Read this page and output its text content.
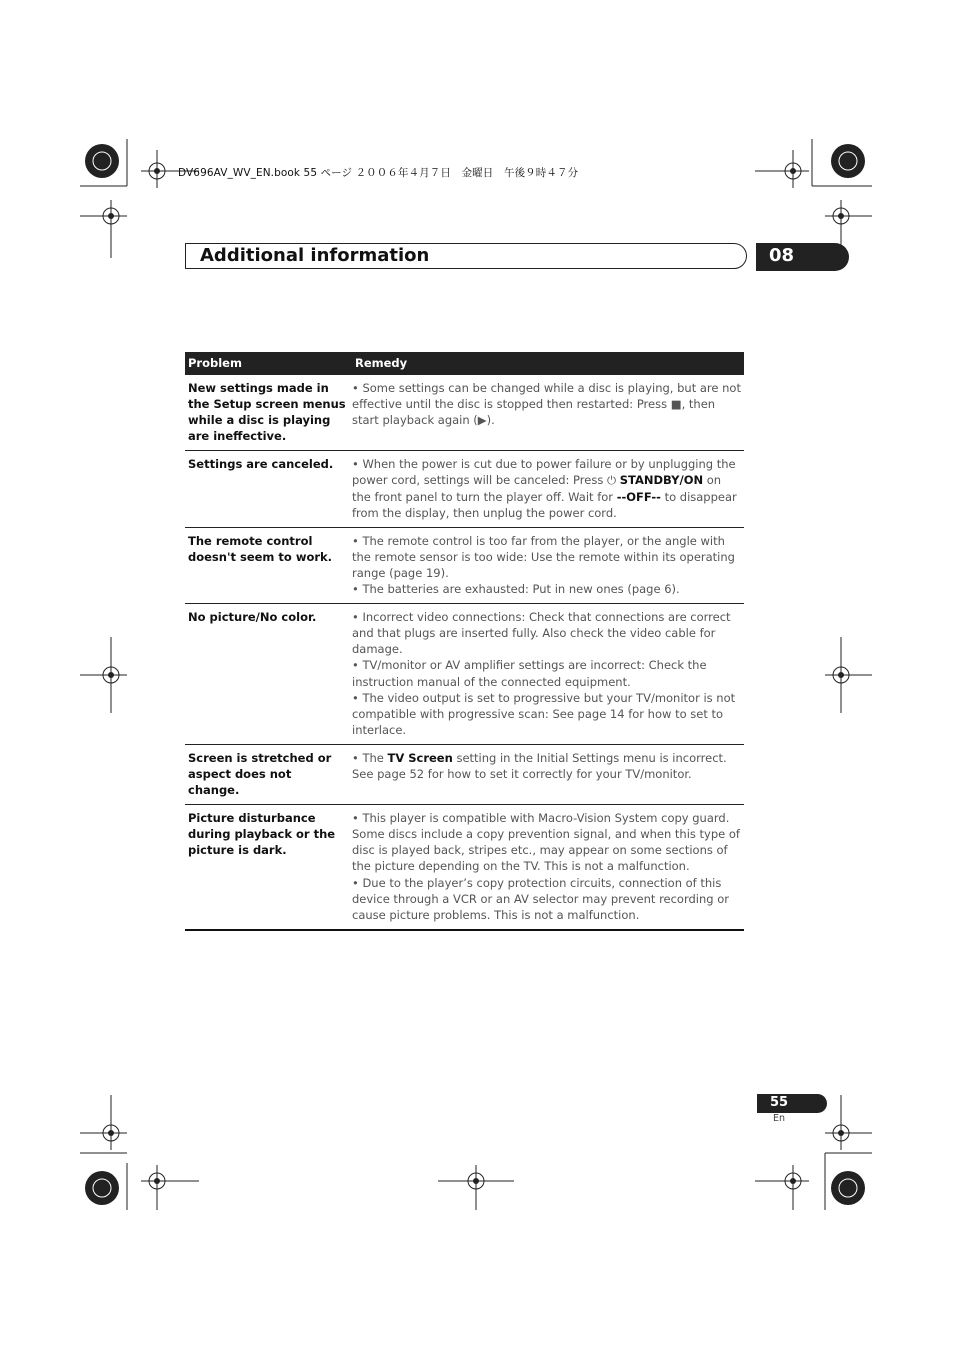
DV696AV_WV_EN.book 55 ページ ２００６年４月７日　金曜日　午後９時４７分
Additional information	08
Problem	Remedy
New settings made in the Setup screen menus while a disc is playing are ineffective.	• Some settings can be changed while a disc is playing, but are not effective until the disc is stopped then restarted: Press ■, then start playback again (▶).

Settings are canceled.	• When the power is cut due to power failure or by unplugging the power cord, settings will be canceled: Press ⏻ STANDBY/ON on the front panel to turn the player off. Wait for --OFF-- to disappear from the display, then unplug the power cord.
The remote control doesn't seem to work.	• The remote control is too far from the player, or the angle with the remote sensor is too wide: Use the remote within its operating range (page 19).
• The batteries are exhausted: Put in new ones (page 6).

No picture/No color.	• Incorrect video connections: Check that connections are correct and that plugs are inserted fully. Also check the video cable for damage.
• TV/monitor or AV amplifier settings are incorrect: Check the instruction manual of the connected equipment.
• The video output is set to progressive but your TV/monitor is not compatible with progressive scan: See page 14 for how to set to interlace.

Screen is stretched or aspect does not change.	• The TV Screen setting in the Initial Settings menu is incorrect. See page 52 for how to set it correctly for your TV/monitor.
Picture disturbance during playback or the picture is dark.	• This player is compatible with Macro-Vision System copy guard. Some discs include a copy prevention signal, and when this type of disc is played back, stripes etc., may appear on some sections of the picture depending on the TV. This is not a malfunction.
• Due to the player’s copy protection circuits, connection of this device through a VCR or an AV selector may prevent recording or cause picture problems. This is not a malfunction.
55
En
